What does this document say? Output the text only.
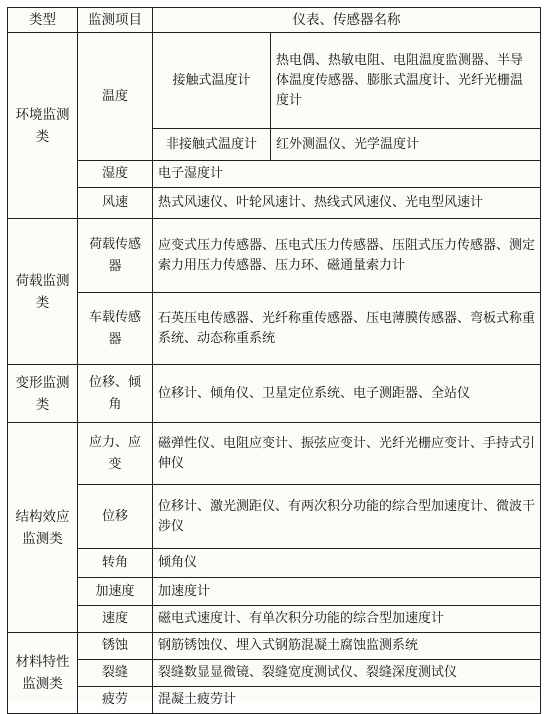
类型	监测项目	仪表、传感器名称	
环境监测类	温度	接触式温度计	热电偶、热敏电阻、电阻温度监测器、半导体温度传感器、膨胀式温度计、光纤光栅温度计
		非接触式温度计	红外测温仪、光学温度计
	湿度	电子湿度计	
	风速	热式风速仪、叶轮风速计、热线式风速仪、光电型风速计	
荷载监测类	荷载传感器	应变式压力传感器、压电式压力传感器、压阻式压力传感器、测定索力用压力传感器、压力环、磁通量索力计	
	车载传感器	石英压电传感器、光纤称重传感器、压电薄膜传感器、弯板式称重系统、动态称重系统	
变形监测类	位移、倾角	位移计、倾角仪、卫星定位系统、电子测距器、全站仪	
结构效应监测类	应力、应变	磁弹性仪、电阻应变计、振弦应变计、光纤光栅应变计、手持式引伸仪	
	位移	位移计、激光测距仪、有两次积分功能的综合型加速度计、微波干涉仪	
	转角	倾角仪	
	加速度	加速度计	
	速度	磁电式速度计、有单次积分功能的综合型加速度计	
材料特性监测类	锈蚀	钢筋锈蚀仪、埋入式钢筋混凝土腐蚀监测系统	
	裂缝	裂缝数显显微镜、裂缝宽度测试仪、裂缝深度测试仪	
	疲劳	混凝土疲劳计	
